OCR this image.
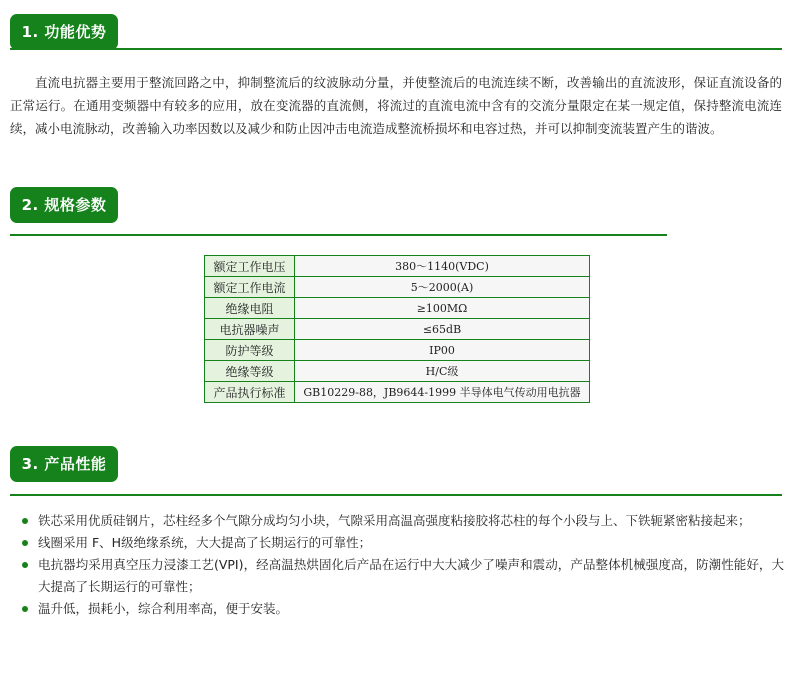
1. 功能优势

直流电抗器主要用于整流回路之中，抑制整流后的纹波脉动分量，并使整流后的电流连续不断，改善输出的直流波形，保证直流设备的正常运行。在通用变频器中有较多的应用，放在变流器的直流侧，将流过的直流电流中含有的交流分量限定在某一规定值，保持整流电流连续，减小电流脉动，改善输入功率因数以及减少和防止因冲击电流造成整流桥损坏和电容过热，并可以抑制变流装置产生的谐波。

2. 规格参数
额定工作电压	380～1140(VDC)
额定工作电流	5～2000(A)
绝缘电阻	≥100MΩ
电抗器噪声	≤65dB
防护等级	IP00
绝缘等级	H/C级
产品执行标准	GB10229-88，JB9644-1999 半导体电气传动用电抗器
3. 产品性能
铁芯采用优质硅钢片，芯柱经多个气隙分成均匀小块，气隙采用高温高强度粘接胶将芯柱的每个小段与上、下铁轭紧密粘接起来；
线圈采用 F、H级绝缘系统，大大提高了长期运行的可靠性；
电抗器均采用真空压力浸漆工艺(VPI)，经高温热烘固化后产品在运行中大大减少了噪声和震动，产品整体机械强度高，防潮性能好，大大提高了长期运行的可靠性；
温升低，损耗小，综合利用率高，便于安装。
